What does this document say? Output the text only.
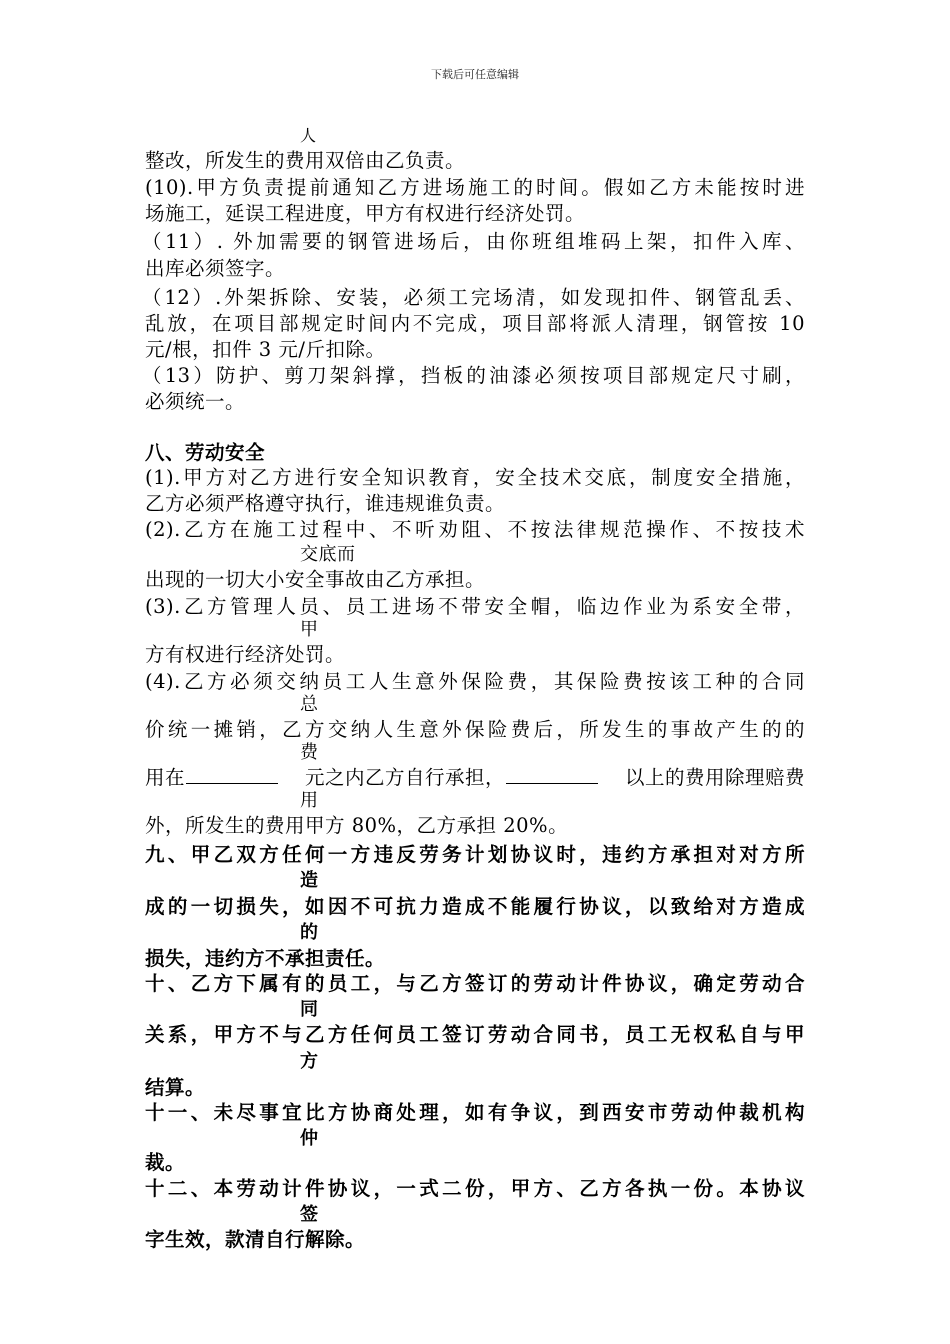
下载后可任意编辑
人
整改，所发生的费用双倍由乙负责。
(10).甲方负责提前通知乙方进场施工的时间。假如乙方未能按时进
场施工，延误工程进度，甲方有权进行经济处罚。
（11）. 外加需要的钢管进场后，由你班组堆码上架，扣件入库、
出库必须签字。
（12）.外架拆除、安装，必须工完场清，如发现扣件、钢管乱丢、
乱放，在项目部规定时间内不完成，项目部将派人清理，钢管按 10
元/根，扣件 3 元/斤扣除。
（13）防护、剪刀架斜撑，挡板的油漆必须按项目部规定尺寸刷，
必须统一。
八、劳动安全
(1).甲方对乙方进行安全知识教育，安全技术交底，制度安全措施，
乙方必须严格遵守执行，谁违规谁负责。
(2).乙方在施工过程中、不听劝阻、不按法律规范操作、不按技术
交底而
出现的一切大小安全事故由乙方承担。
(3).乙方管理人员、员工进场不带安全帽，临边作业为系安全带，
甲
方有权进行经济处罚。
(4).乙方必须交纳员工人生意外保险费，其保险费按该工种的合同
总
价统一摊销，乙方交纳人生意外保险费后，所发生的事故产生的的
费
用在	元之内乙方自行承担，	以上的费用除理赔费
用
外，所发生的费用甲方 80%，乙方承担 20%。
九、甲乙双方任何一方违反劳务计划协议时，违约方承担对对方所
造
成的一切损失，如因不可抗力造成不能履行协议，以致给对方造成
的
损失，违约方不承担责任。
十、乙方下属有的员工，与乙方签订的劳动计件协议，确定劳动合
同
关系，甲方不与乙方任何员工签订劳动合同书，员工无权私自与甲
方
结算。
十一、未尽事宜比方协商处理，如有争议，到西安市劳动仲裁机构
仲
裁。
十二、本劳动计件协议，一式二份，甲方、乙方各执一份。本协议
签
字生效，款清自行解除。
